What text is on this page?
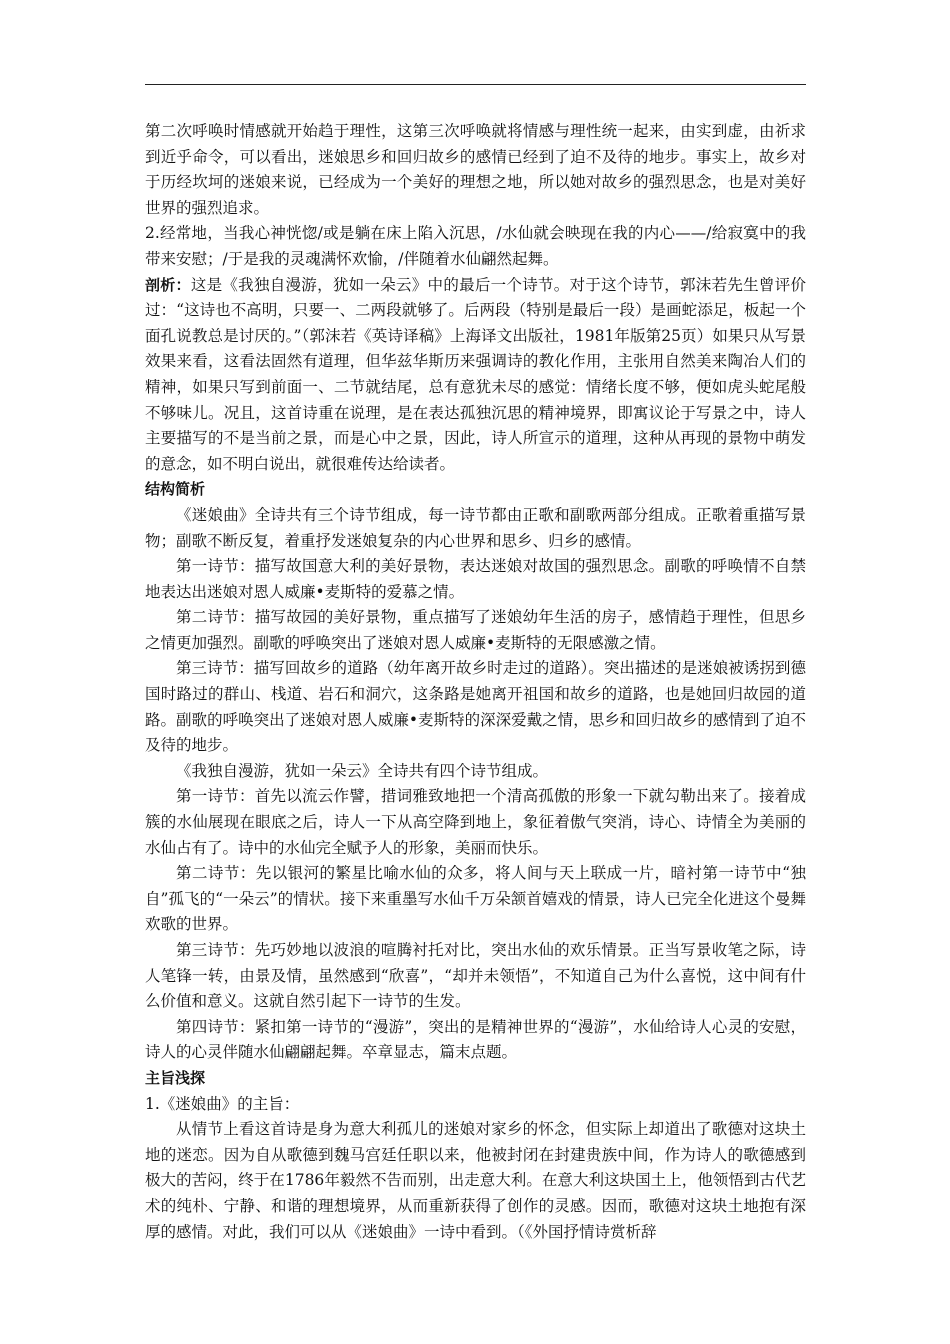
第二次呼唤时情感就开始趋于理性，这第三次呼唤就将情感与理性统一起来，由实到虚，由祈求到近乎命令，可以看出，迷娘思乡和回归故乡的感情已经到了迫不及待的地步。事实上，故乡对于历经坎坷的迷娘来说，已经成为一个美好的理想之地，所以她对故乡的强烈思念，也是对美好世界的强烈追求。

2.经常地，当我心神恍惚/或是躺在床上陷入沉思，/水仙就会映现在我的内心——/给寂寞中的我带来安慰；/于是我的灵魂满怀欢愉，/伴随着水仙翩然起舞。

剖析：这是《我独自漫游，犹如一朵云》中的最后一个诗节。对于这个诗节，郭沫若先生曾评价过：“这诗也不高明，只要一、二两段就够了。后两段（特别是最后一段）是画蛇添足，板起一个面孔说教总是讨厌的。”（郭沫若《英诗译稿》上海译文出版社，1981年版第25页）如果只从写景效果来看，这看法固然有道理，但华兹华斯历来强调诗的教化作用，主张用自然美来陶冶人们的精神，如果只写到前面一、二节就结尾，总有意犹未尽的感觉：情绪长度不够，便如虎头蛇尾般不够味儿。况且，这首诗重在说理，是在表达孤独沉思的精神境界，即寓议论于写景之中，诗人主要描写的不是当前之景，而是心中之景，因此，诗人所宣示的道理，这种从再现的景物中萌发的意念，如不明白说出，就很难传达给读者。

结构简析

《迷娘曲》全诗共有三个诗节组成，每一诗节都由正歌和副歌两部分组成。正歌着重描写景物；副歌不断反复，着重抒发迷娘复杂的内心世界和思乡、归乡的感情。

第一诗节：描写故国意大利的美好景物，表达迷娘对故国的强烈思念。副歌的呼唤情不自禁地表达出迷娘对恩人威廉•麦斯特的爱慕之情。

第二诗节：描写故园的美好景物，重点描写了迷娘幼年生活的房子，感情趋于理性，但思乡之情更加强烈。副歌的呼唤突出了迷娘对恩人威廉•麦斯特的无限感激之情。

第三诗节：描写回故乡的道路（幼年离开故乡时走过的道路）。突出描述的是迷娘被诱拐到德国时路过的群山、栈道、岩石和洞穴，这条路是她离开祖国和故乡的道路，也是她回归故园的道路。副歌的呼唤突出了迷娘对恩人威廉•麦斯特的深深爱戴之情，思乡和回归故乡的感情到了迫不及待的地步。

《我独自漫游，犹如一朵云》全诗共有四个诗节组成。

第一诗节：首先以流云作譬，措词雅致地把一个清高孤傲的形象一下就勾勒出来了。接着成簇的水仙展现在眼底之后，诗人一下从高空降到地上，象征着傲气突消，诗心、诗情全为美丽的水仙占有了。诗中的水仙完全赋予人的形象，美丽而快乐。

第二诗节：先以银河的繁星比喻水仙的众多，将人间与天上联成一片，暗衬第一诗节中“独自”孤飞的“一朵云”的情状。接下来重墨写水仙千万朵颔首嬉戏的情景，诗人已完全化进这个曼舞欢歌的世界。

第三诗节：先巧妙地以波浪的喧腾衬托对比，突出水仙的欢乐情景。正当写景收笔之际，诗人笔锋一转，由景及情，虽然感到“欣喜”，“却并未领悟”，不知道自己为什么喜悦，这中间有什么价值和意义。这就自然引起下一诗节的生发。

第四诗节：紧扣第一诗节的“漫游”，突出的是精神世界的“漫游”，水仙给诗人心灵的安慰，诗人的心灵伴随水仙翩翩起舞。卒章显志，篇末点题。

主旨浅探

1.《迷娘曲》的主旨：

从情节上看这首诗是身为意大利孤儿的迷娘对家乡的怀念，但实际上却道出了歌德对这块土地的迷恋。因为自从歌德到魏马宫廷任职以来，他被封闭在封建贵族中间，作为诗人的歌德感到极大的苦闷，终于在1786年毅然不告而别，出走意大利。在意大利这块国土上，他领悟到古代艺术的纯朴、宁静、和谐的理想境界，从而重新获得了创作的灵感。因而，歌德对这块土地抱有深厚的感情。对此，我们可以从《迷娘曲》一诗中看到。（《外国抒情诗赏析辞
